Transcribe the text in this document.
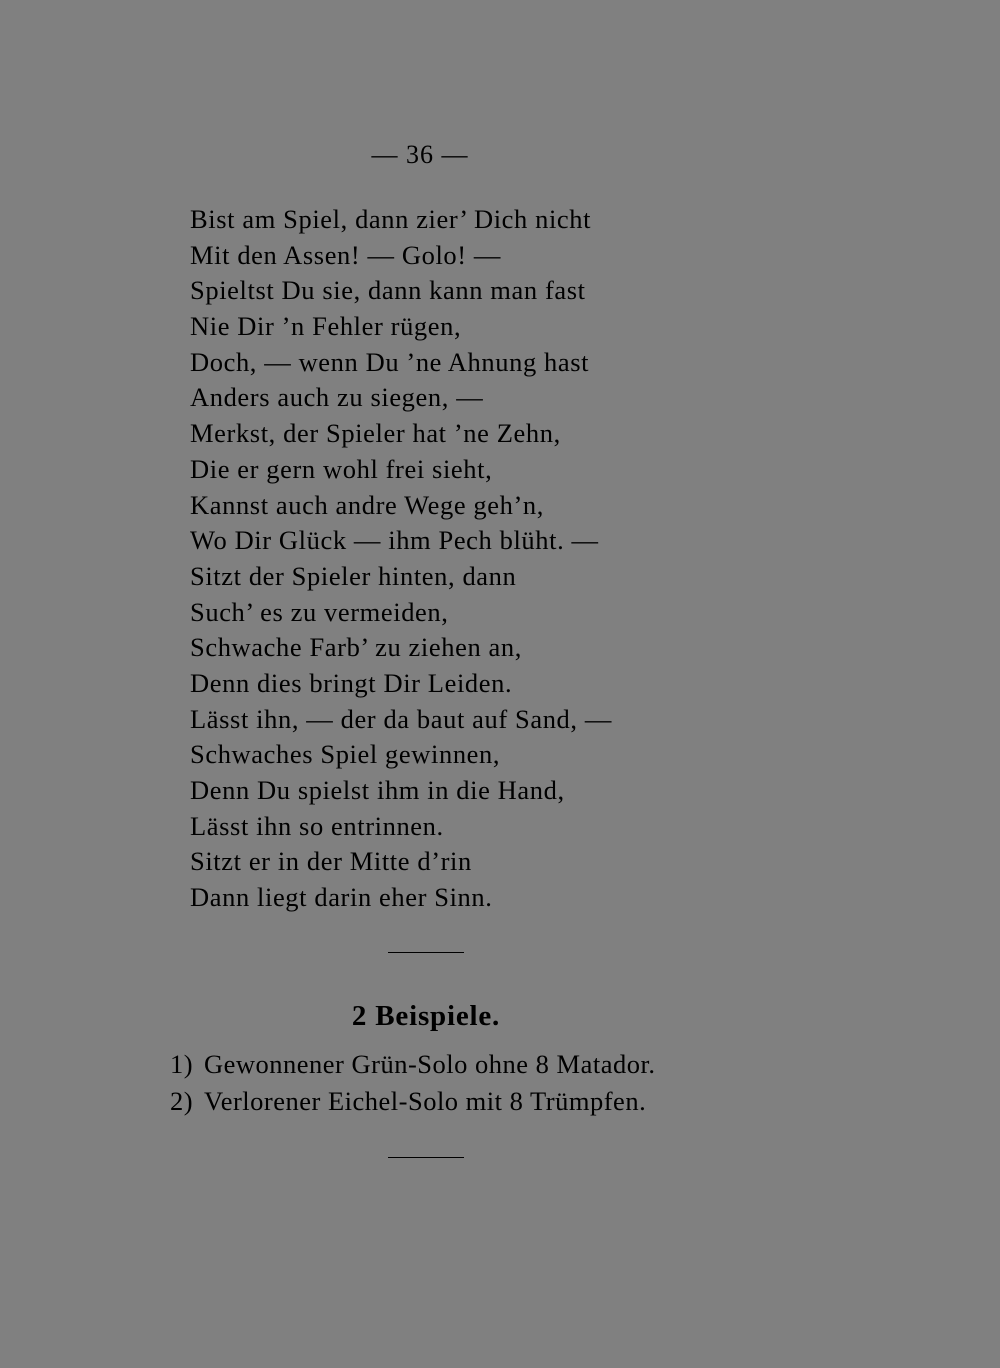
— 36 —
Bist am Spiel, dann zier’ Dich nicht
Mit den Assen! — Golo! —
Spieltst Du sie, dann kann man fast
Nie Dir ’n Fehler rügen,
Doch, — wenn Du ’ne Ahnung hast
Anders auch zu siegen, —
Merkst, der Spieler hat ’ne Zehn,
Die er gern wohl frei sieht,
Kannst auch andre Wege geh’n,
Wo Dir Glück — ihm Pech blüht. —
Sitzt der Spieler hinten, dann
Such’ es zu vermeiden,
Schwache Farb’ zu ziehen an,
Denn dies bringt Dir Leiden.
Lässt ihn, — der da baut auf Sand, —
Schwaches Spiel gewinnen,
Denn Du spielst ihm in die Hand,
Lässt ihn so entrinnen.
Sitzt er in der Mitte d’rin
Dann liegt darin eher Sinn.
2 Beispiele.
1) Gewonnener Grün-Solo ohne 8 Matador.
2) Verlorener Eichel-Solo mit 8 Trümpfen.
